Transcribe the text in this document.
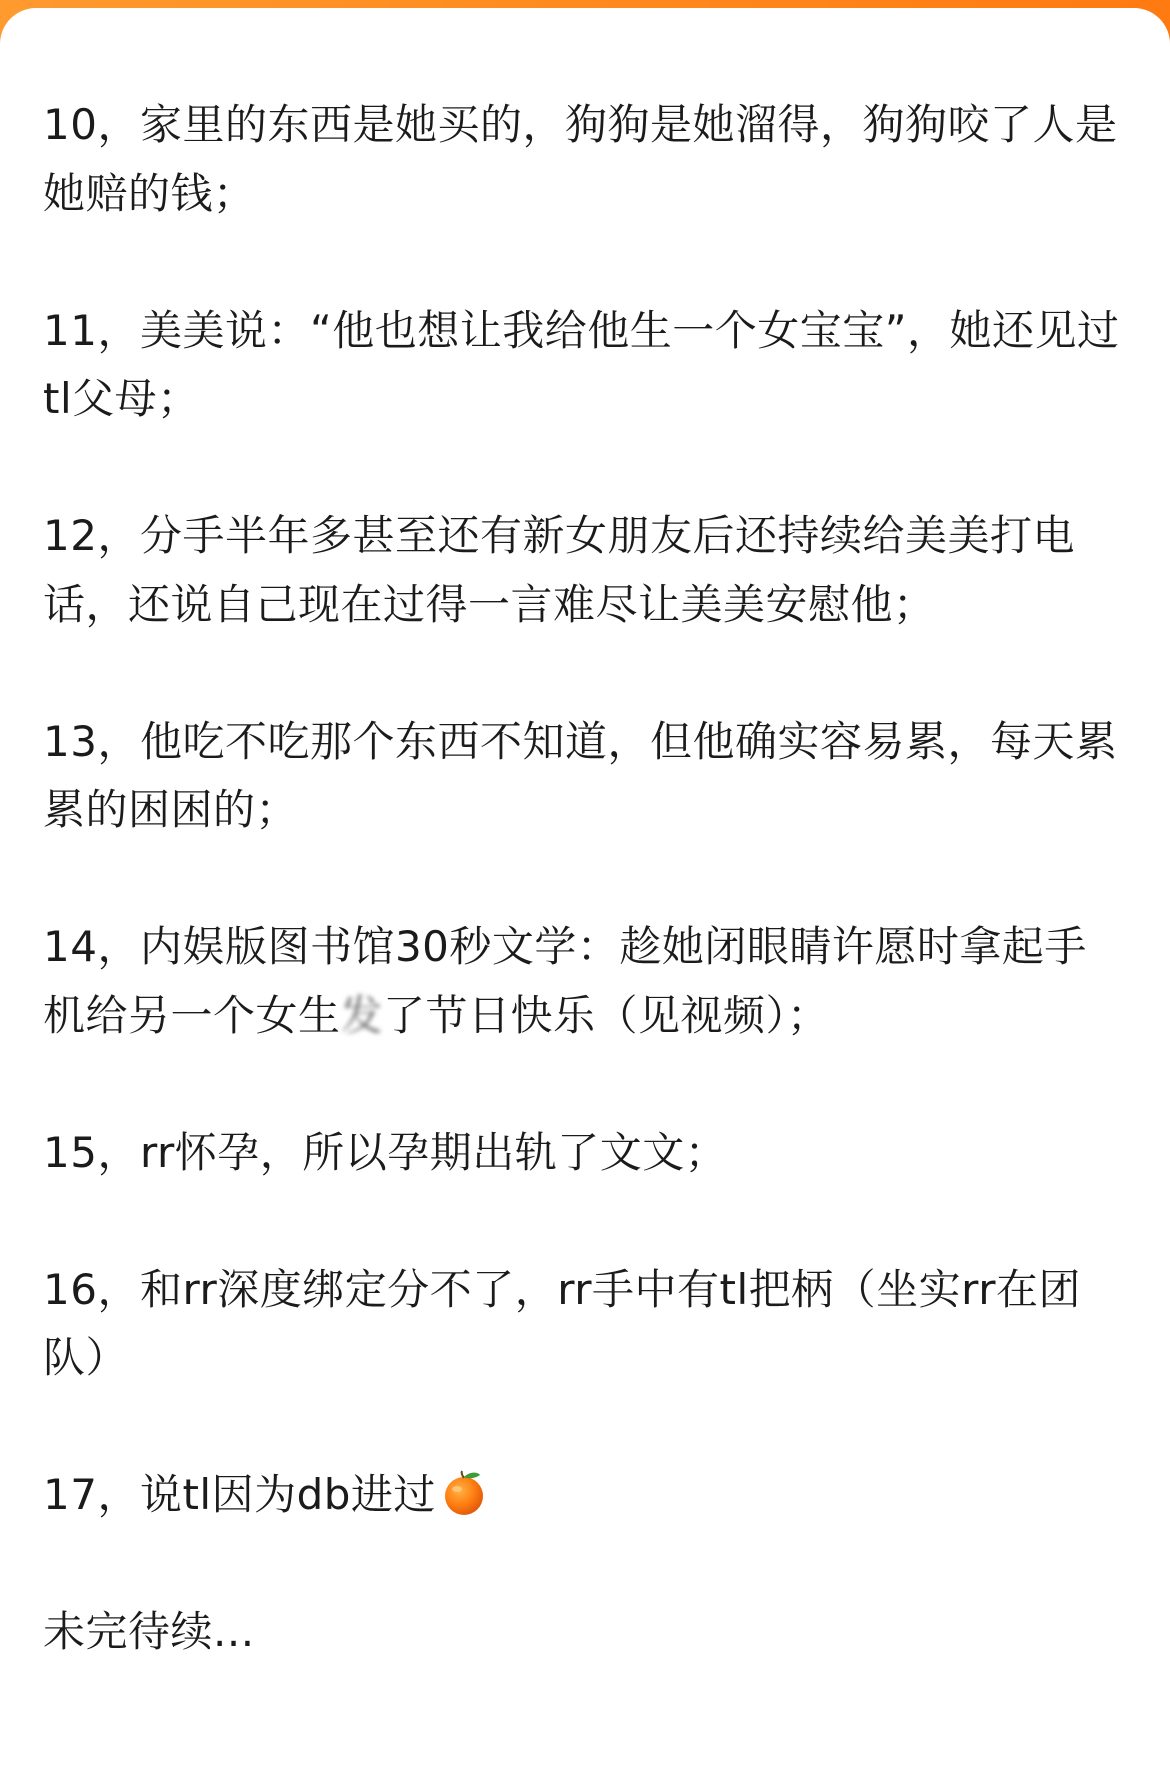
10，家里的东西是她买的，狗狗是她溜得，狗狗咬了人是她赔的钱；

11，美美说：“他也想让我给他生一个女宝宝”，她还见过tl父母；

12，分手半年多甚至还有新女朋友后还持续给美美打电话，还说自己现在过得一言难尽让美美安慰他；

13，他吃不吃那个东西不知道，但他确实容易累，每天累累的困困的；

14，内娱版图书馆30秒文学：趁她闭眼睛许愿时拿起手机给另一个女生发了节日快乐（见视频）；

15，rr怀孕，所以孕期出轨了文文；

16，和rr深度绑定分不了，rr手中有tl把柄（坐实rr在团队）

17，说tl因为db进过

未完待续...
